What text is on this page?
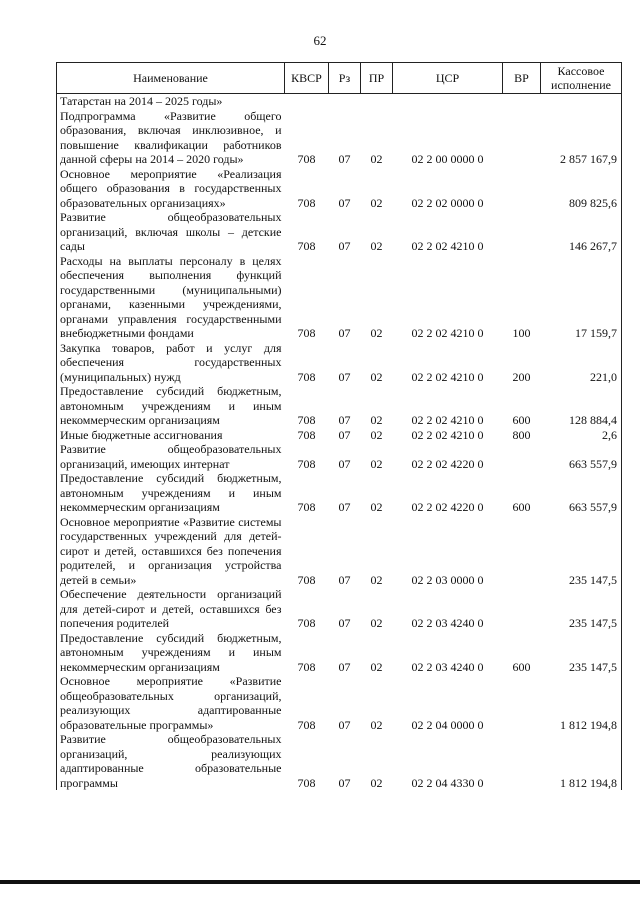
62
Наименование	КВСР	Рз	ПР	ЦСР	ВР	Кассовое исполнение
Татарстан на 2014 – 2025 годы»						
Подпрограмма «Развитие общего образования, включая инклюзивное, и повышение квалификации работников данной сферы на 2014 – 2020 годы»	708	07	02	02 2 00 0000 0		2 857 167,9
Основное мероприятие «Реализация общего образования в государственных образовательных организациях»	708	07	02	02 2 02 0000 0		809 825,6
Развитие общеобразовательных организаций, включая школы – детские сады	708	07	02	02 2 02 4210 0		146 267,7
Расходы на выплаты персоналу в целях обеспечения выполнения функций государственными (муниципальными) органами, казенными учреждениями, органами управления государственными внебюджетными фондами	708	07	02	02 2 02 4210 0	100	17 159,7
Закупка товаров, работ и услуг для обеспечения государственных (муниципальных) нужд	708	07	02	02 2 02 4210 0	200	221,0
Предоставление субсидий бюджетным, автономным учреждениям и иным некоммерческим организациям	708	07	02	02 2 02 4210 0	600	128 884,4
Иные бюджетные ассигнования	708	07	02	02 2 02 4210 0	800	2,6
Развитие общеобразовательных организаций, имеющих интернат	708	07	02	02 2 02 4220 0		663 557,9
Предоставление субсидий бюджетным, автономным учреждениям и иным некоммерческим организациям	708	07	02	02 2 02 4220 0	600	663 557,9
Основное мероприятие «Развитие системы государственных учреждений для детей-сирот и детей, оставшихся без попечения родителей, и организация устройства детей в семьи»	708	07	02	02 2 03 0000 0		235 147,5
Обеспечение деятельности организаций для детей-сирот и детей, оставшихся без попечения родителей	708	07	02	02 2 03 4240 0		235 147,5
Предоставление субсидий бюджетным, автономным учреждениям и иным некоммерческим организациям	708	07	02	02 2 03 4240 0	600	235 147,5
Основное мероприятие «Развитие общеобразовательных организаций, реализующих адаптированные образовательные программы»	708	07	02	02 2 04 0000 0		1 812 194,8
Развитие общеобразовательных организаций, реализующих адаптированные образовательные программы	708	07	02	02 2 04 4330 0		1 812 194,8
